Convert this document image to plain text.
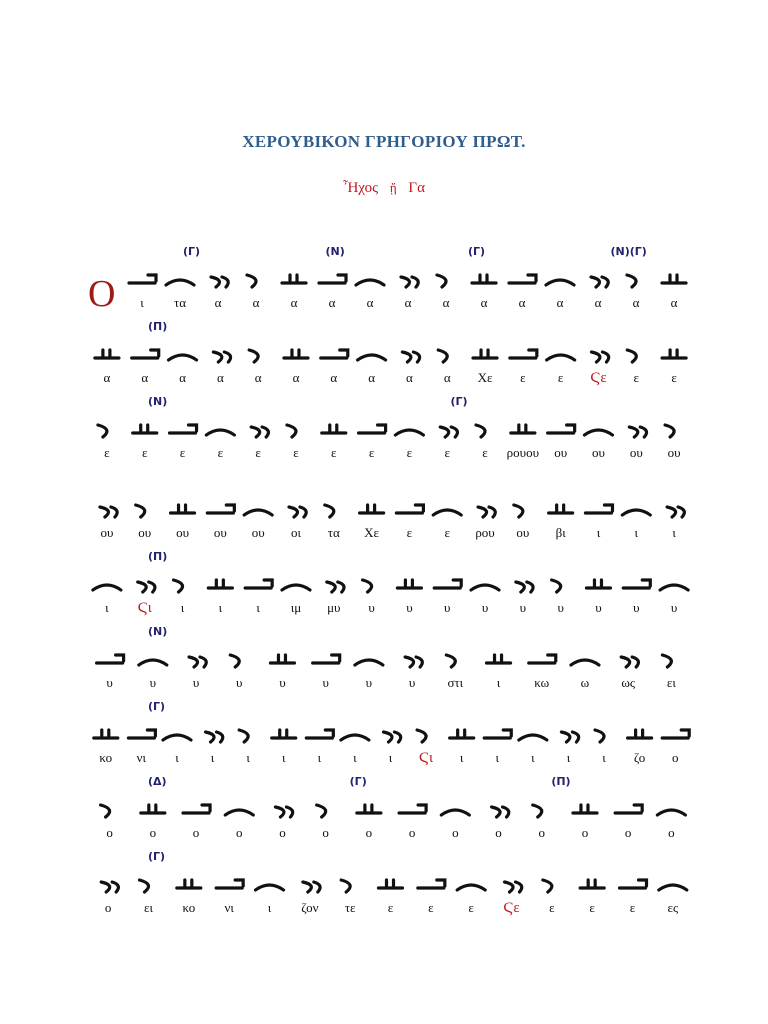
ΧΕΡΟΥΒΙΚΟΝ ΓΡΗΓΟΡΙΟΥ ΠΡΩΤ.
Ἦχος ᾔ Γα
Ο
(Γ)	(Ν)	(Γ)	(Ν)(Γ)
ι τα α α α α α α α α α α α α α
(Π)
α α α α α α α α α α Χε ε ε Ϛε ε ε
(Ν)	(Γ)
ε ε ε ε ε ε ε ε ε ε ε ρουου ου ου ου ου
ου ου ου ου ου οι τα Χε ε ε ρου ου βι ι	ι	ι
(Π)
ι Ϛι ι	ι	ι ιμ μυ υ υ υ υ υ υ υ υ υ
(Ν)
υ	υ	υ	υ	υ	υ	υ	υ στι	ι	κω ω ως ει
(Γ)
κο νι ι ι ι ι ι ι ι Ϛι ι ι ι ι ι ζο ο
(Δ)	(Γ)	(Π)
ο	ο	ο	ο	ο	ο	ο	ο	ο	ο	ο	ο	ο	ο
(Γ)
ο	ει κο νι	ι ζον τε ε	ε	ε Ϛε ε	ε	ε ες
